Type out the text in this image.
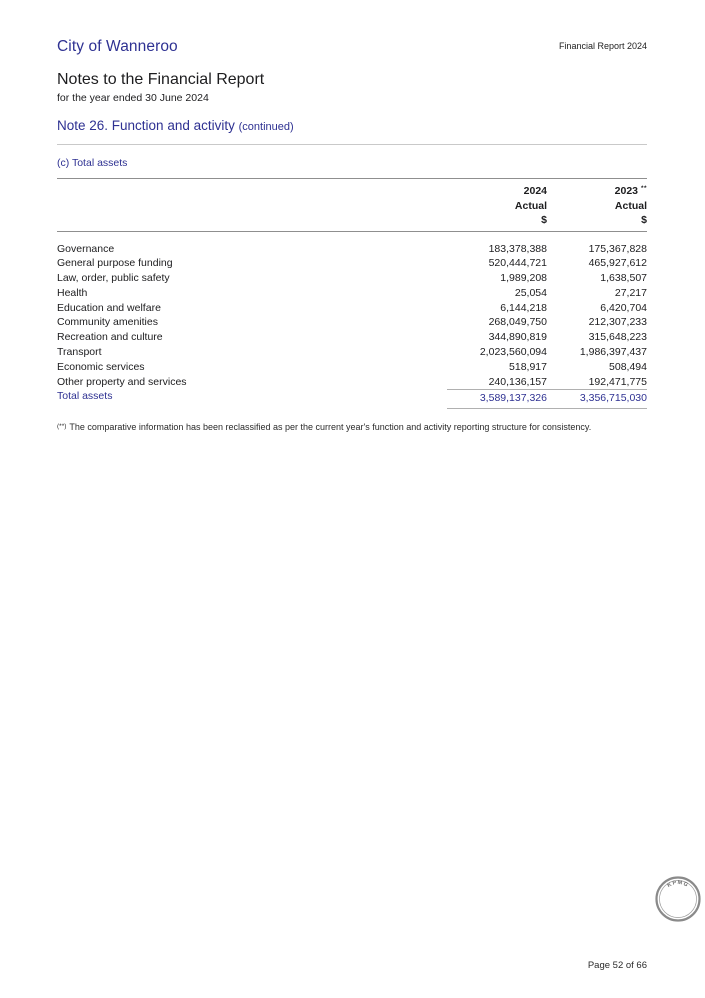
City of Wanneroo	Financial Report 2024
Notes to the Financial Report
for the year ended 30 June 2024
Note 26. Function and activity (continued)
(c) Total assets
2024
Actual
$
2023 **
Actual
$
Governance	183,378,388	175,367,828
General purpose funding	520,444,721	465,927,612
Law, order, public safety	1,989,208	1,638,507
Health	25,054	27,217
Education and welfare	6,144,218	6,420,704
Community amenities	268,049,750	212,307,233
Recreation and culture	344,890,819	315,648,223
Transport	2,023,560,094	1,986,397,437
Economic services	518,917	508,494
Other property and services	240,136,157	192,471,775
Total assets	3,589,137,326	3,356,715,030
(**) The comparative information has been reclassified as per the current year's function and activity reporting structure for consistency.
KPMG
Page 52 of 66
